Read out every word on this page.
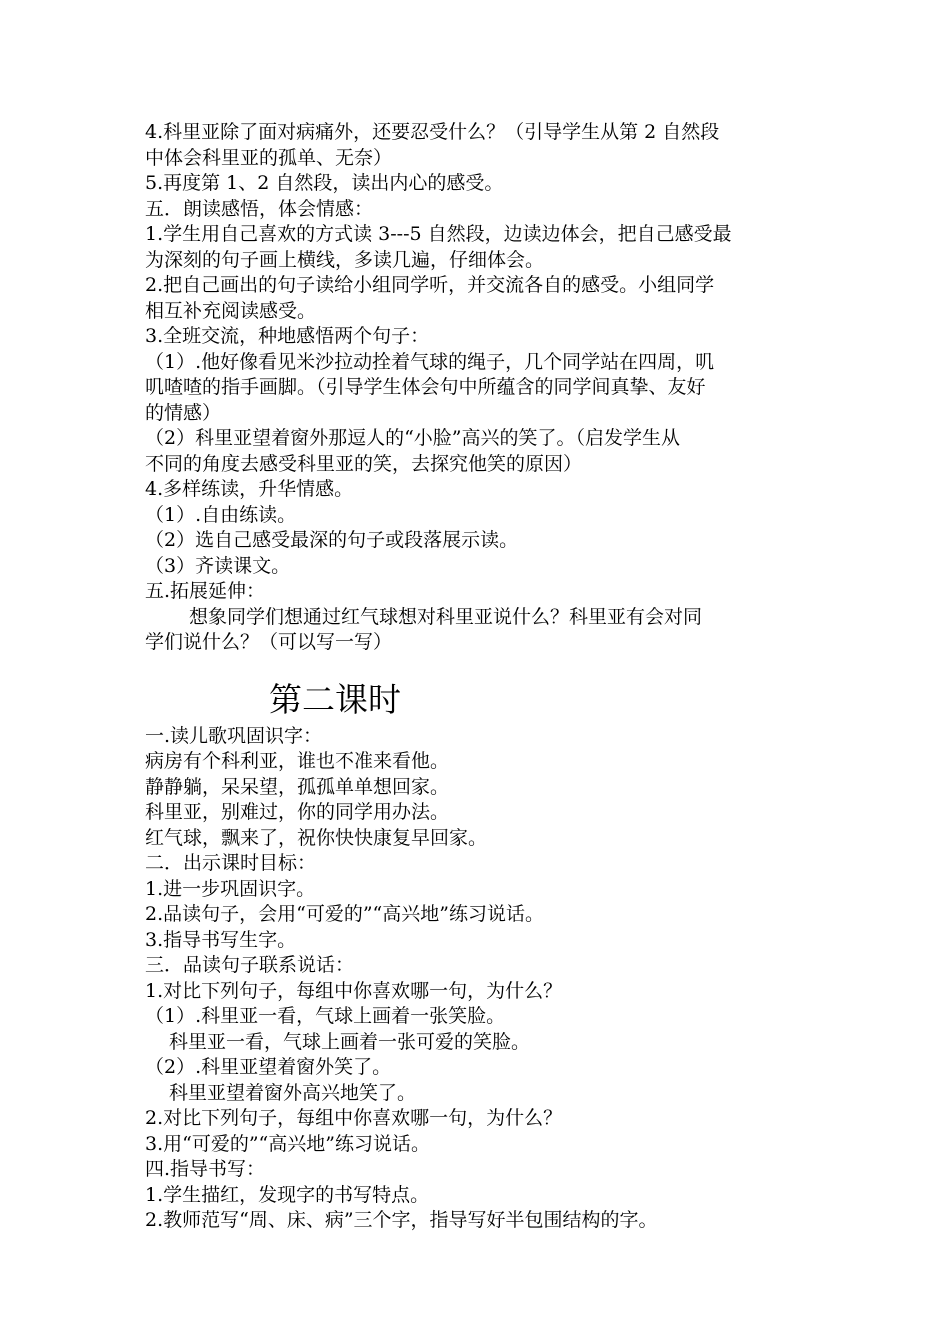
4.科里亚除了面对病痛外，还要忍受什么？（引导学生从第 2 自然段
中体会科里亚的孤单、无奈）
5.再度第 1、2 自然段，读出内心的感受。
五．朗读感悟，体会情感：
1.学生用自己喜欢的方式读 3---5 自然段，边读边体会，把自己感受最
为深刻的句子画上横线，多读几遍，仔细体会。
2.把自己画出的句子读给小组同学听，并交流各自的感受。小组同学
相互补充阅读感受。
3.全班交流，种地感悟两个句子：
（1）.他好像看见米沙拉动拴着气球的绳子，几个同学站在四周，叽
叽喳喳的指手画脚。（引导学生体会句中所蕴含的同学间真挚、友好
的情感）
（2）科里亚望着窗外那逗人的“小脸”高兴的笑了。（启发学生从
不同的角度去感受科里亚的笑，去探究他笑的原因）
4.多样练读，升华情感。
（1）.自由练读。
（2）选自己感受最深的句子或段落展示读。
（3）齐读课文。
五.拓展延伸：
想象同学们想通过红气球想对科里亚说什么？科里亚有会对同
学们说什么？（可以写一写）
第二课时
一.读儿歌巩固识字：
病房有个科利亚，谁也不准来看他。
静静躺，呆呆望，孤孤单单想回家。
科里亚，别难过，你的同学用办法。
红气球，飘来了，祝你快快康复早回家。
二．出示课时目标：
1.进一步巩固识字。
2.品读句子，会用“可爱的”“高兴地”练习说话。
3.指导书写生字。
三．品读句子联系说话：
1.对比下列句子，每组中你喜欢哪一句，为什么？
（1）.科里亚一看，气球上画着一张笑脸。
科里亚一看，气球上画着一张可爱的笑脸。
（2）.科里亚望着窗外笑了。
科里亚望着窗外高兴地笑了。
2.对比下列句子，每组中你喜欢哪一句，为什么？
3.用“可爱的”“高兴地”练习说话。
四.指导书写：
1.学生描红，发现字的书写特点。
2.教师范写“周、床、病”三个字，指导写好半包围结构的字。
